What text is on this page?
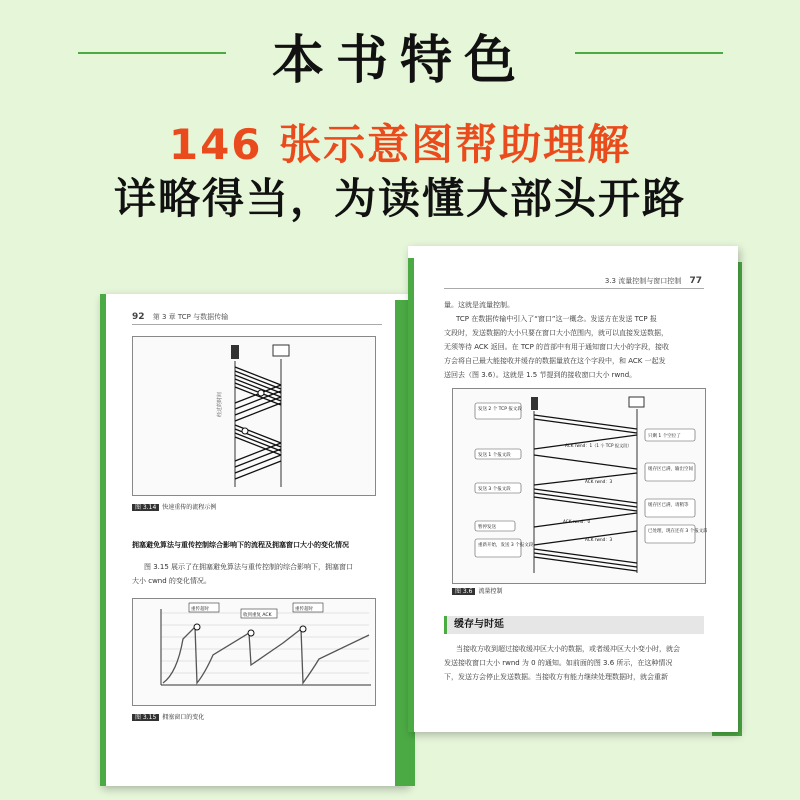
本书特色
146 张示意图帮助理解
详略得当，为读懂大部头开路
92 第 3 章 TCP 与数据传输
经过的时间
图 3.14 快速重传的流程示例
拥塞避免算法与重传控制综合影响下的流程及拥塞窗口大小的变化情况
图 3.15 展示了在拥塞避免算法与重传控制的综合影响下，拥塞窗口
大小 cwnd 的变化情况。
重传超时
收到重复 ACK
重传超时
图 3.15 拥塞窗口的变化
3.3 流量控制与窗口控制 77
量。这就是流量控制。
TCP 在数据传输中引入了“窗口”这一概念。发送方在发送 TCP 报
文段时，发送数据的大小只要在窗口大小范围内，就可以直接发送数据，
无须等待 ACK 返回。在 TCP 的首部中有用于通知窗口大小的字段，接收
方会将自己最大能接收并缓存的数据量放在这个字段中，和 ACK 一起发
送回去（图 3.6）。这就是 1.5 节提到的接收窗口大小 rwnd。
发送 2 个 TCP 报文段
发送 1 个报文段
发送 3 个报文段
暂停发送
重新开始，发送 3 个报文段
只剩 1 个空位了
缓存区已满，输出空间
缓存区已满，请稍等
已处理，现在还有 3 个报文段
ACK rwnd：1（1 个 TCP 报文段）
ACK rwnd：3
ACK rwnd：0
ACK rwnd：3
图 3.6 流量控制
缓存与时延
当接收方收到超过接收缓冲区大小的数据，或者缓冲区大小变小时，就会
发送接收窗口大小 rwnd 为 0 的通知。如前面的图 3.6 所示，在这种情况
下，发送方会停止发送数据。当接收方有能力继续处理数据时，就会重新
